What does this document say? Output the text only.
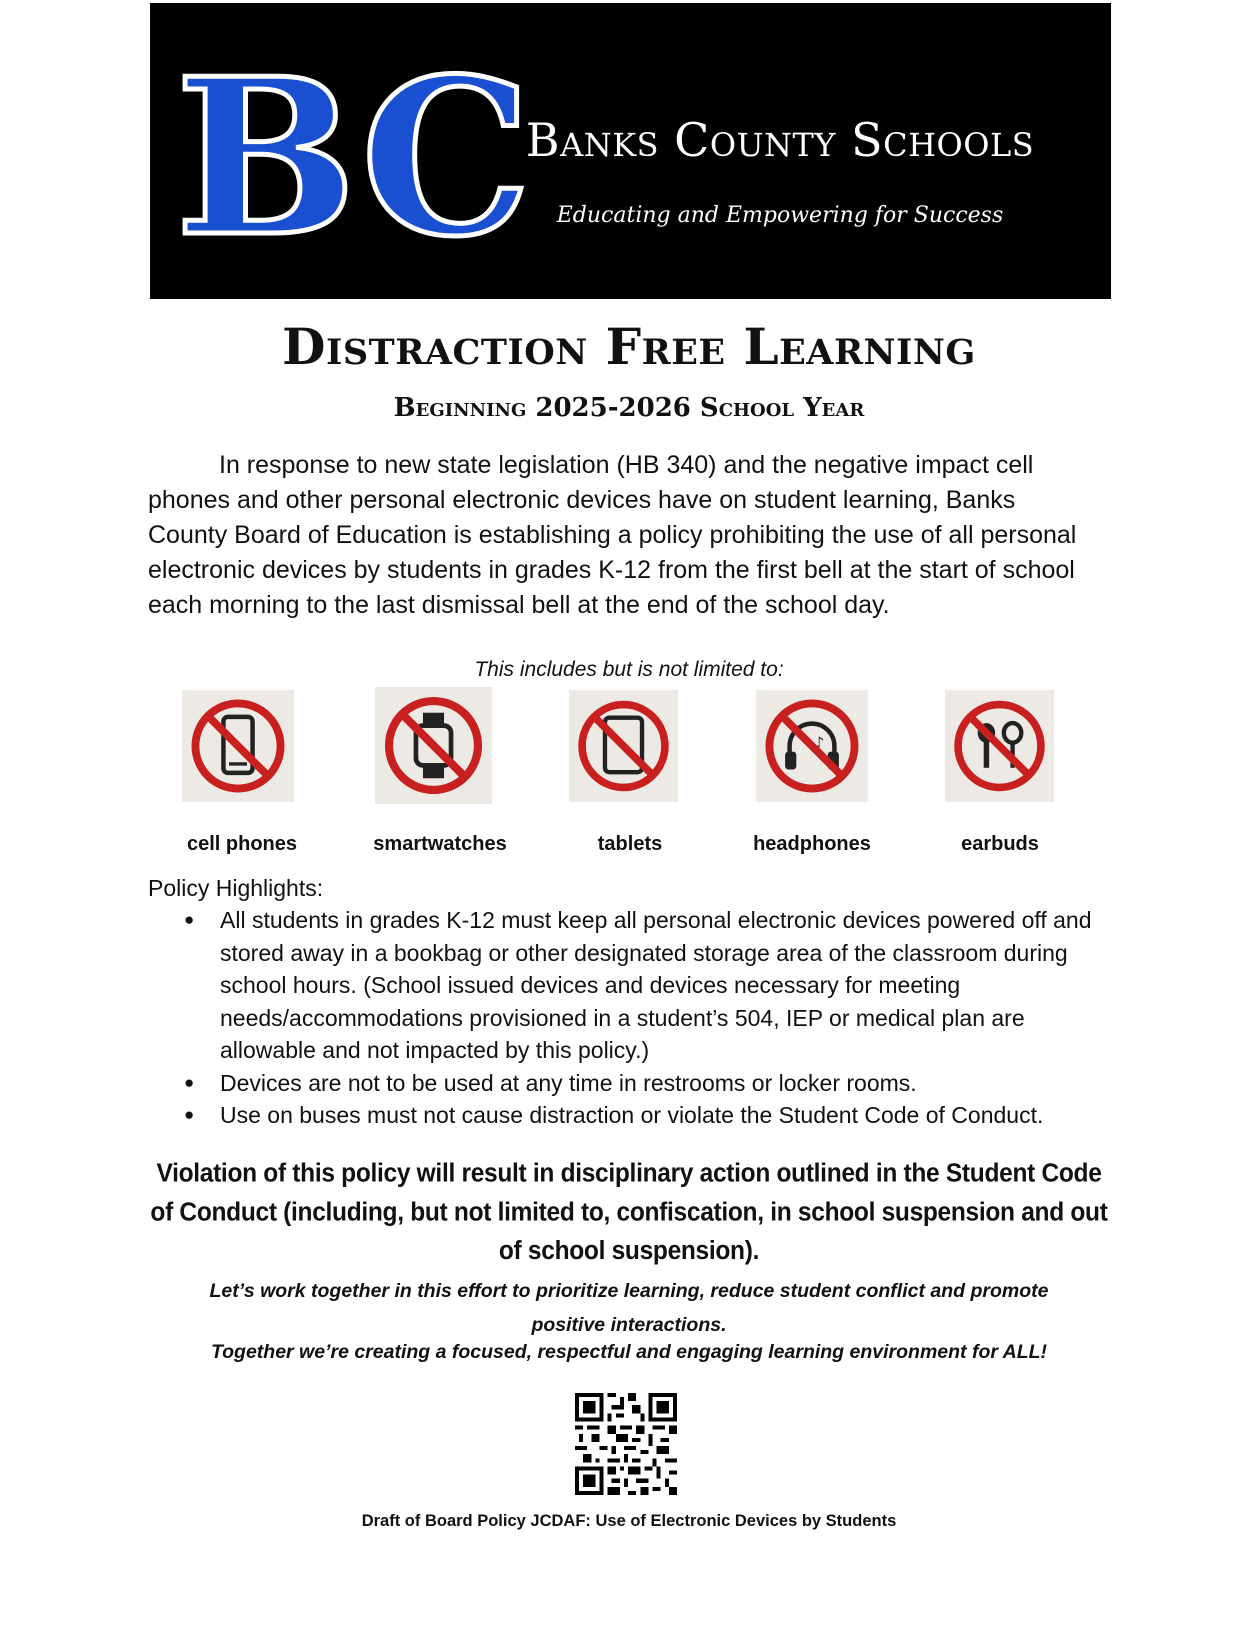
BC
Banks County Schools
Educating and Empowering for Success
Distraction Free Learning
Beginning 2025-2026 School Year

In response to new state legislation (HB 340) and the negative impact cell phones and other personal electronic devices have on student learning, Banks County Board of Education is establishing a policy prohibiting the use of all personal electronic devices by students in grades K-12 from the first bell at the start of school each morning to the last dismissal bell at the end of the school day.

This includes but is not limited to:
♪
cell phones	smartwatches	tablets	headphones	earbuds
Policy Highlights:
● All students in grades K-12 must keep all personal electronic devices powered off and stored away in a bookbag or other designated storage area of the classroom during school hours. (School issued devices and devices necessary for meeting needs/accommodations provisioned in a student’s 504, IEP or medical plan are allowable and not impacted by this policy.)
● Devices are not to be used at any time in restrooms or locker rooms.
● Use on buses must not cause distraction or violate the Student Code of Conduct.
Violation of this policy will result in disciplinary action outlined in the Student Code of Conduct (including, but not limited to, confiscation, in school suspension and out of school suspension).
Let’s work together in this effort to prioritize learning, reduce student conflict and promote positive interactions.
Together we’re creating a focused, respectful and engaging learning environment for ALL!
Draft of Board Policy JCDAF: Use of Electronic Devices by Students
